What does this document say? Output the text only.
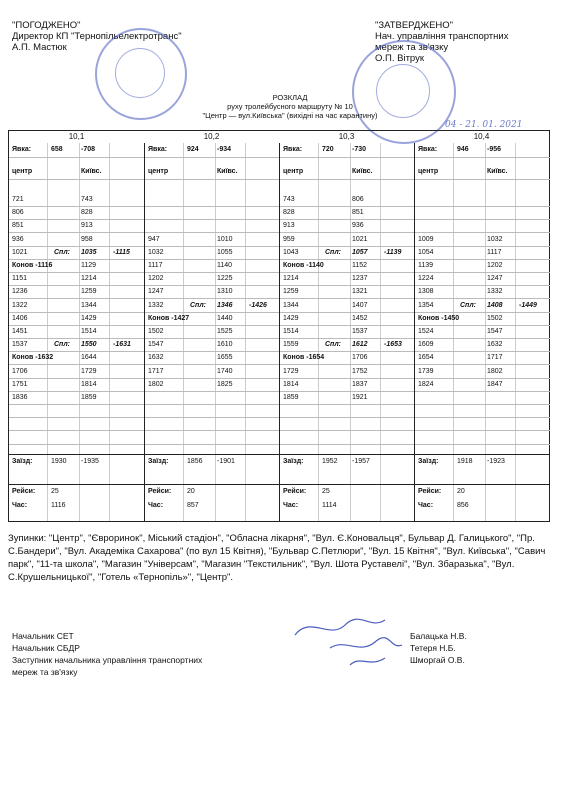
"ПОГОДЖЕНО"
Директор КП "Тернопільелектротранс"
А.П. Мастюк
"ЗАТВЕРДЖЕНО"
Нач. управління транспортних
мереж та зв'язку
О.П. Вітрук
04 - 21. 01. 2021
РОЗКЛАД
руху тролейбусного маршруту № 10
"Центр — вул.Київська" (вихідні на час карантину)
10,1
Явка:	658	-708
центр	Київс.
721	743
806	828
851	913
936	958
1021	Спл: 1035 -1115
Конов -1116	1129
1151	1214
1236	1259
1322	1344
1406	1429
1451	1514
1537	Спл: 1550 -1631
Конов -1632	1644
1706	1729
1751	1814
1836	1859
Заїзд:	1930 -1935
Рейси: 25
Час:	1116
10,2
Явка:	924	-934
центр	Київс.
947	1010
1032	1055
1117	1140
1202	1225
1247	1310
1332	Спл: 1346 -1426
Конов -1427	1440
1502	1525
1547	1610
1632	1655
1717	1740
1802	1825
Заїзд:	1856 -1901
Рейси: 20
Час:	857
10,3
Явка:	720	-730
центр	Київс.
743	806
828	851
913	936
959	1021
1043	Спл: 1057 -1139
Конов -1140	1152
1214	1237
1259	1321
1344	1407
1429	1452
1514	1537
1559	Спл: 1612 -1653
Конов -1654	1706
1729	1752
1814	1837
1859	1921
Заїзд:	1952 -1957
Рейси: 25
Час:	1114
10,4
Явка:	946	-956
центр	Київс.
1009	1032
1054	1117
1139	1202
1224	1247
1308	1332
1354	Спл: 1408 -1449
Конов -1450	1502
1524	1547
1609	1632
1654	1717
1739	1802
1824	1847
Заїзд:	1918 -1923
Рейси: 20
Час:	856
Зупинки: "Центр", "Євроринок", Міський стадіон", "Обласна лікарня", "Вул. Є.Коновальця", Бульвар Д. Галицького", "Пр. С.Бандери", "Вул. Академіка Сахарова" (по вул 15 Квітня), "Бульвар С.Петлюри", "Вул. 15 Квітня", "Вул. Київська", "Савич парк", "11-та школа", "Магазин "Універсам", "Магазин "Текстильник", "Вул. Шота Руставелі", "Вул. Збаразька", "Вул. С.Крушельницької", "Готель «Тернопіль»", "Центр".
Начальник СЕТ
Начальник СБДР
Заступник начальника управління транспортних
мереж та зв'язку
Балацька Н.В.
Тетеря Н.Б.
Шморгай О.В.
